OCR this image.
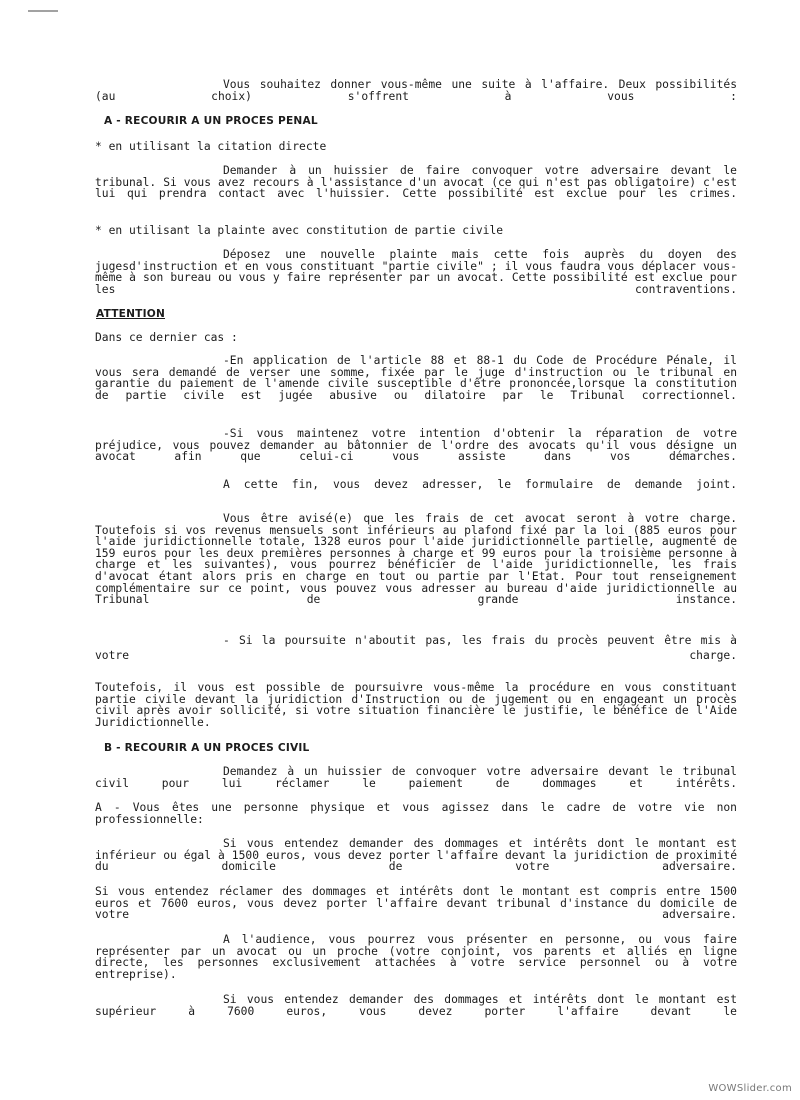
Vous souhaitez donner vous-même une suite à l'affaire. Deux possibilités (au choix) s'offrent à vous :
A - RECOURIR A UN PROCES PENAL
* en utilisant la citation directe
Demander à un huissier de faire convoquer votre adversaire devant le tribunal. Si vous avez recours à l'assistance d'un avocat (ce qui n'est pas obligatoire) c'est lui qui prendra contact avec l'huissier. Cette possibilité est exclue pour les crimes.
* en utilisant la plainte avec constitution de partie civile
Déposez une nouvelle plainte mais cette fois auprès du doyen des jugesd'instruction et en vous constituant "partie civile" ; il vous faudra vous déplacer vous-même à son bureau ou vous y faire représenter par un avocat. Cette possibilité est exclue pour les contraventions.
ATTENTION
Dans ce dernier cas :
-En application de l'article 88 et 88-1 du Code de Procédure Pénale, il vous sera demandé de verser une somme, fixée par le juge d'instruction ou le tribunal en garantie du paiement de l'amende civile susceptible d'être prononcée,lorsque la constitution de partie civile est jugée abusive ou dilatoire par le Tribunal correctionnel.
-Si vous maintenez votre intention d'obtenir la réparation de votre préjudice, vous pouvez demander au bâtonnier de l'ordre des avocats qu'il vous désigne un avocat afin que celui-ci vous assiste dans vos démarches.
A cette fin, vous devez adresser, le formulaire de demande joint.
Vous être avisé(e) que les frais de cet avocat seront à votre charge. Toutefois si vos revenus mensuels sont inférieurs au plafond fixé par la loi (885 euros pour l'aide juridictionnelle totale, 1328 euros pour l'aide juridictionnelle partielle, augmenté de 159 euros pour les deux premières personnes à charge et 99 euros pour la troisième personne à charge et les suivantes), vous pourrez bénéficier de l'aide juridictionnelle, les frais d'avocat étant alors pris en charge en tout ou partie par l'Etat. Pour tout renseignement complémentaire sur ce point, vous pouvez vous adresser au bureau d'aide juridictionnelle au Tribunal de grande instance.
- Si la poursuite n'aboutit pas, les frais du procès peuvent être mis à votre charge.
Toutefois, il vous est possible de poursuivre vous-même la procédure en vous constituant partie civile devant la juridiction d'Instruction ou de jugement ou en engageant un procès civil après avoir sollicité, si votre situation financière le justifie, le bénéfice de l'Aide Juridictionnelle.
B - RECOURIR A UN PROCES CIVIL
Demandez à un huissier de convoquer votre adversaire devant le tribunal civil pour lui réclamer le paiement de dommages et intérêts.
A - Vous êtes une personne physique et vous agissez dans le cadre de votre vie non professionnelle:
Si vous entendez demander des dommages et intérêts dont le montant est inférieur ou égal à 1500 euros, vous devez porter l'affaire devant la juridiction de proximité du domicile de votre adversaire.
Si vous entendez réclamer des dommages et intérêts dont le montant est compris entre 1500 euros et 7600 euros, vous devez porter l'affaire devant tribunal d'instance du domicile de votre adversaire.
A l'audience, vous pourrez vous présenter en personne, ou vous faire représenter par un avocat ou un proche (votre conjoint, vos parents et alliés en ligne directe, les personnes exclusivement attachées à votre service personnel ou à votre entreprise).
Si vous entendez demander des dommages et intérêts dont le montant est supérieur à 7600 euros, vous devez porter l'affaire devant le
WOWSlider.com
